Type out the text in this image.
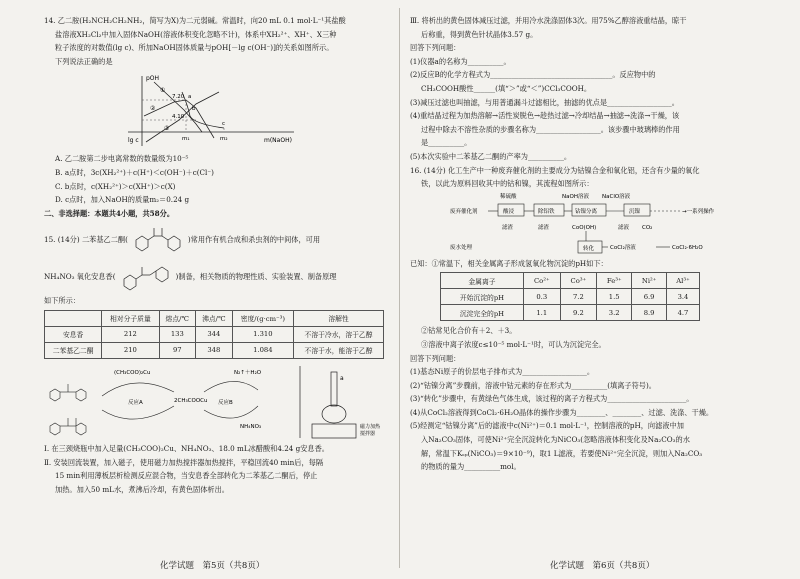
14. 乙二胺(H₂NCH₂CH₂NH₂，简写为X)为二元弱碱。常温时，向20 mL 0.1 mol·L⁻¹其盐酸

盐溶液XH₂Cl₂中加入固体NaOH(溶液体积变化忽略不计)，体系中XH₂²⁺、XH⁺、X三种

粒子浓度的对数值(lg c)、所加NaOH固体质量与pOH[－lg c(OH⁻)]的关系如图所示。

下列说法正确的是

pOH
m(NaOH)
lg c
7.20 a
b
c
4.10
m₁	m₂
①
②
③

A. 乙二胺第二步电离常数的数量级为10⁻⁵

B. a点时，3c(XH₂²⁺)＋c(H⁺)＜c(OH⁻)＋c(Cl⁻)

C. b点时，c(XH₂²⁺)＞c(XH⁺)＞c(X)

D. c点时，加入NaOH的质量m₂＝0.24 g

二、非选择题：本题共4小题，共58分。

15. (14分) 二苯基乙二酮(	)常用作有机合成和杀虫剂的中间体，可用

NH₄NO₃ 氧化安息香(	)制备，相关物质的物理性质、实验装置、制备原理

如下所示：

	相对分子质量	熔点/℃	沸点/℃	密度/(g·cm⁻³)	溶解性
安息香	212	133	344	1.310	不溶于冷水，溶于乙醇
二苯基乙二酮	210	97	348	1.084	不溶于水，能溶于乙醇
(CH₃COO)₂Cu
反应A	反应B
2CH₃COOCu
N₂↑＋H₂O
NH₄NO₃
a
磁力加热
搅拌器

Ⅰ. 在三颈烧瓶中加入足量(CH₃COO)₂Cu、NH₄NO₃、18.0 mL冰醋酸和4.24 g安息香。

Ⅱ. 安装回流装置，加入磁子，使用磁力加热搅拌器加热搅拌，平稳回流40 min后，每隔

15 min利用薄板层析检测反应混合物，当安息香全部转化为二苯基乙二酮后，停止

加热。加入50 mL水，煮沸后冷却，有黄色固体析出。

化学试题　第5页（共8页）

Ⅲ. 将析出的黄色固体减压过滤，并用冷水洗涤固体3次。用75%乙醇溶液重结晶，晾干

后称重，得到黄色针状晶体3.57 g。

回答下列问题：

(1)仪器a的名称为__________。

(2)反应B的化学方程式为__________________________________。反应物中的

CH₃COOH酸性______(填“＞”或“＜”)CCl₃COOH。

(3)减压过滤也叫抽滤，与用普通漏斗过滤相比，抽滤的优点是__________________。

(4)重结晶过程为加热溶解→活性炭脱色→趁热过滤→冷却结晶→抽滤→洗涤→干燥，该

过程中除去不溶性杂质的步骤名称为__________________。该步骤中玻璃棒的作用

是__________。

(5)本次实验中二苯基乙二酮的产率为__________。

16. (14分) 化工生产中一种废弃催化剂的主要成分为钴镍合金和氧化铝，还含有少量的氧化

铁，以此为原料回收其中的钴和镍，其流程如图所示：

稀硫酸	NaOH溶液 NaClO溶液
废弃催化剂	酸浸	除铝铁	钴镍分离	沉镍	→一系列操作
滤渣	滤渣	CoO(OH)	滤液 CO₂
废水处理	转化	CoCl₂溶液	CoCl₂·6H₂O

已知：①常温下，相关金属离子形成氢氧化物沉淀的pH如下：

金属离子	Co²⁺	Co³⁺	Fe³⁺	Ni²⁺	Al³⁺
开始沉淀的pH	0.3	7.2	1.5	6.9	3.4
沉淀完全的pH	1.1	9.2	3.2	8.9	4.7

②钴常见化合价有＋2、＋3。

③溶液中离子浓度c≤10⁻⁵ mol·L⁻¹时，可认为沉淀完全。

回答下列问题：

(1)基态Ni原子的价层电子排布式为__________________。

(2)“钴镍分离”步骤前，溶液中钴元素的存在形式为__________(填离子符号)。

(3)“转化”步骤中，有黄绿色气体生成，该过程的离子方程式为______________________。

(4)从CoCl₂溶液得到CoCl₂·6H₂O晶体的操作步骤为________、________、过滤、洗涤、干燥。

(5)经测定“钴镍分离”后的滤液中c(Ni²⁺)＝0.1 mol·L⁻¹，控制溶液的pH，向滤液中加

入Na₂CO₃固体，可使Ni²⁺完全沉淀转化为NiCO₃(忽略溶液体积变化及Na₂CO₃的水

解，常温下Kₛₚ(NiCO₃)＝9×10⁻⁹)，取1 L滤液，若要使Ni²⁺完全沉淀，则加入Na₂CO₃

的物质的量为__________mol。

化学试题　第6页（共8页）
